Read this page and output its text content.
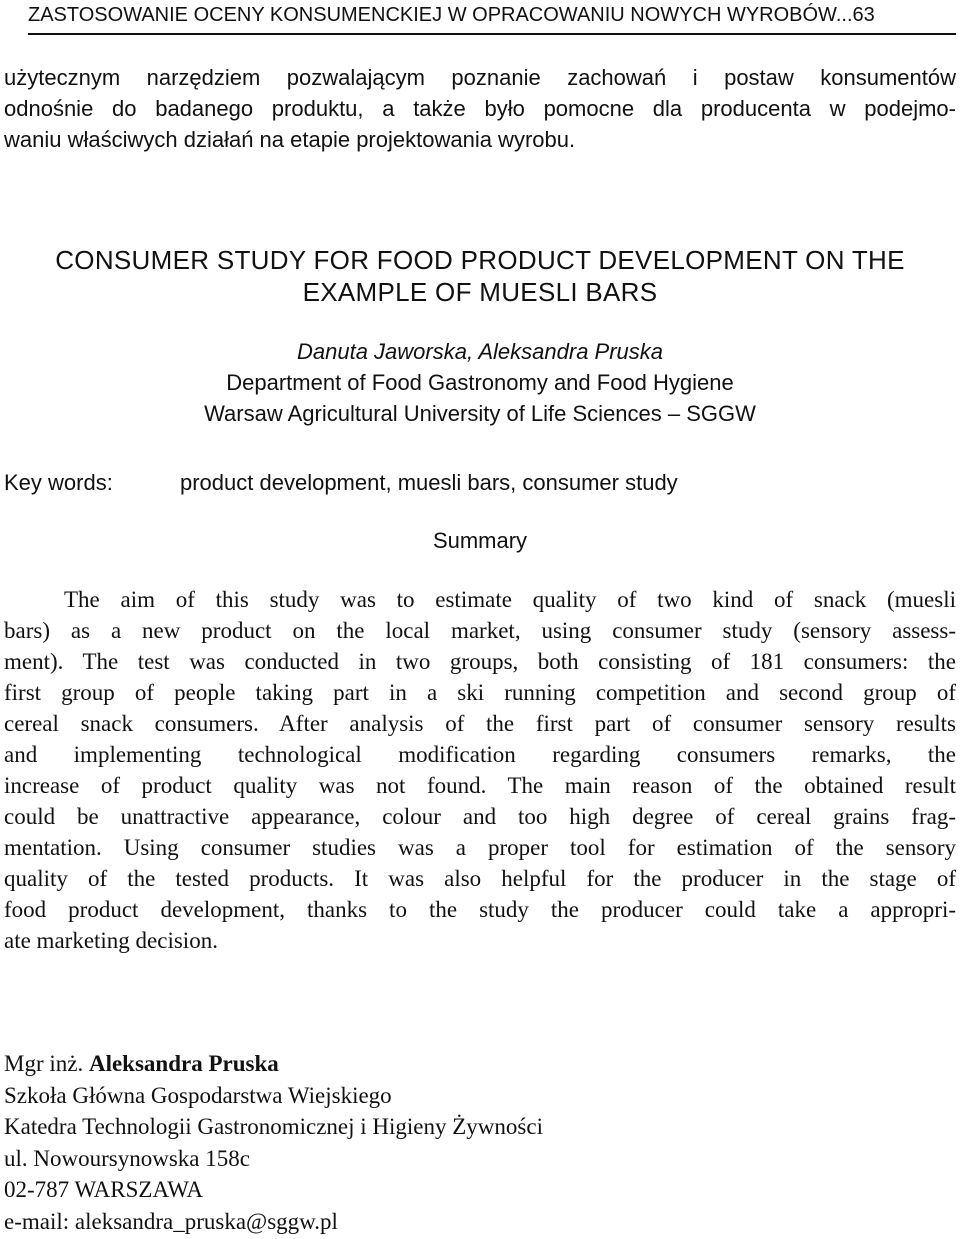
ZASTOSOWANIE OCENY KONSUMENCKIEJ W OPRACOWANIU NOWYCH WYROBÓW...63

użytecznym narzędziem pozwalającym poznanie zachowań i postaw konsumentów
odnośnie do badanego produktu, a także było pomocne dla producenta w podejmo-
waniu właściwych działań na etapie projektowania wyrobu.

CONSUMER STUDY FOR FOOD PRODUCT DEVELOPMENT ON THE
EXAMPLE OF MUESLI BARS
Danuta Jaworska, Aleksandra Pruska
Department of Food Gastronomy and Food Hygiene
Warsaw Agricultural University of Life Sciences – SGGW
Key words:	product development, muesli bars, consumer study
Summary
The aim of this study was to estimate quality of two kind of snack (muesli
bars) as a new product on the local market, using consumer study (sensory assess-
ment). The test was conducted in two groups, both consisting of 181 consumers: the
first group of people taking part in a ski running competition and second group of
cereal snack consumers. After analysis of the first part of consumer sensory results
and implementing technological modification regarding consumers remarks, the
increase of product quality was not found. The main reason of the obtained result
could be unattractive appearance, colour and too high degree of cereal grains frag-
mentation. Using consumer studies was a proper tool for estimation of the sensory
quality of the tested products. It was also helpful for the producer in the stage of
food product development, thanks to the study the producer could take a appropri-
ate marketing decision.
Mgr inż. Aleksandra Pruska
Szkoła Główna Gospodarstwa Wiejskiego
Katedra Technologii Gastronomicznej i Higieny Żywności
ul. Nowoursynowska 158c
02-787 WARSZAWA
e-mail: aleksandra_pruska@sggw.pl
